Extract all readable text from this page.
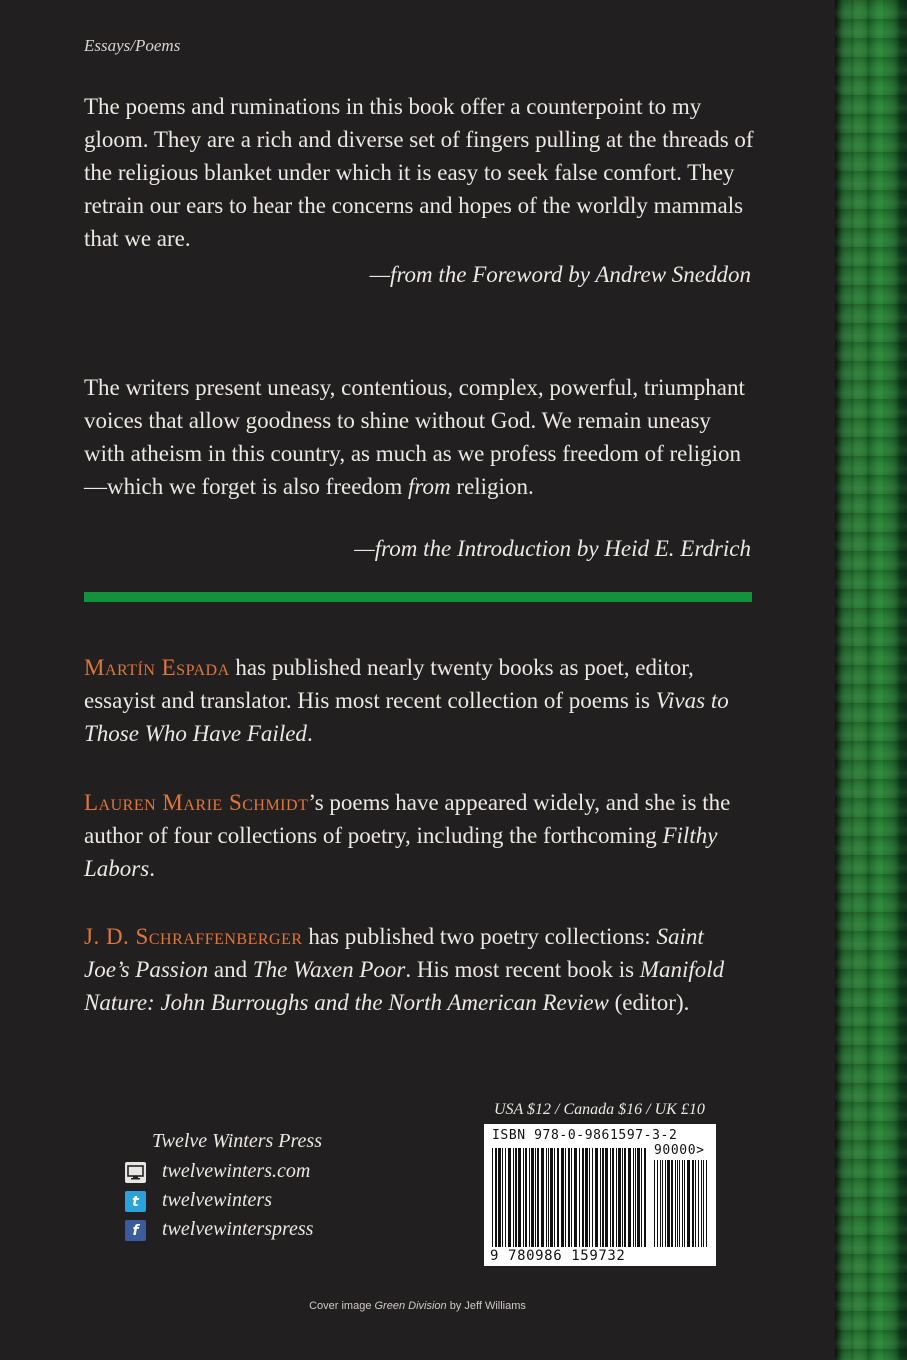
Essays/Poems

The poems and ruminations in this book offer a counterpoint to my gloom. They are a rich and diverse set of fingers pulling at the threads of the religious blanket under which it is easy to seek false comfort. They retrain our ears to hear the concerns and hopes of the worldly mammals that we are.

—from the Foreword by Andrew Sneddon

The writers present uneasy, contentious, complex, powerful, triumphant voices that allow goodness to shine without God. We remain uneasy with atheism in this country, as much as we profess freedom of religion—which we forget is also freedom from religion.

—from the Introduction by Heid E. Erdrich

Martín Espada has published nearly twenty books as poet, editor, essayist and translator. His most recent collection of poems is Vivas to Those Who Have Failed.

Lauren Marie Schmidt’s poems have appeared widely, and she is the author of four collections of poetry, including the forthcoming Filthy Labors.

J. D. Schraffenberger has published two poetry collections: Saint Joe’s Passion and The Waxen Poor. His most recent book is Manifold Nature: John Burroughs and the North American Review (editor).

Twelve Winters Press
twelvewinters.com
t	twelvewinters
f	twelvewinterspress
USA $12 / Canada $16 / UK £10
ISBN 978-0-9861597-3-2
90000>
9 780986 159732
Cover image Green Division by Jeff Williams
